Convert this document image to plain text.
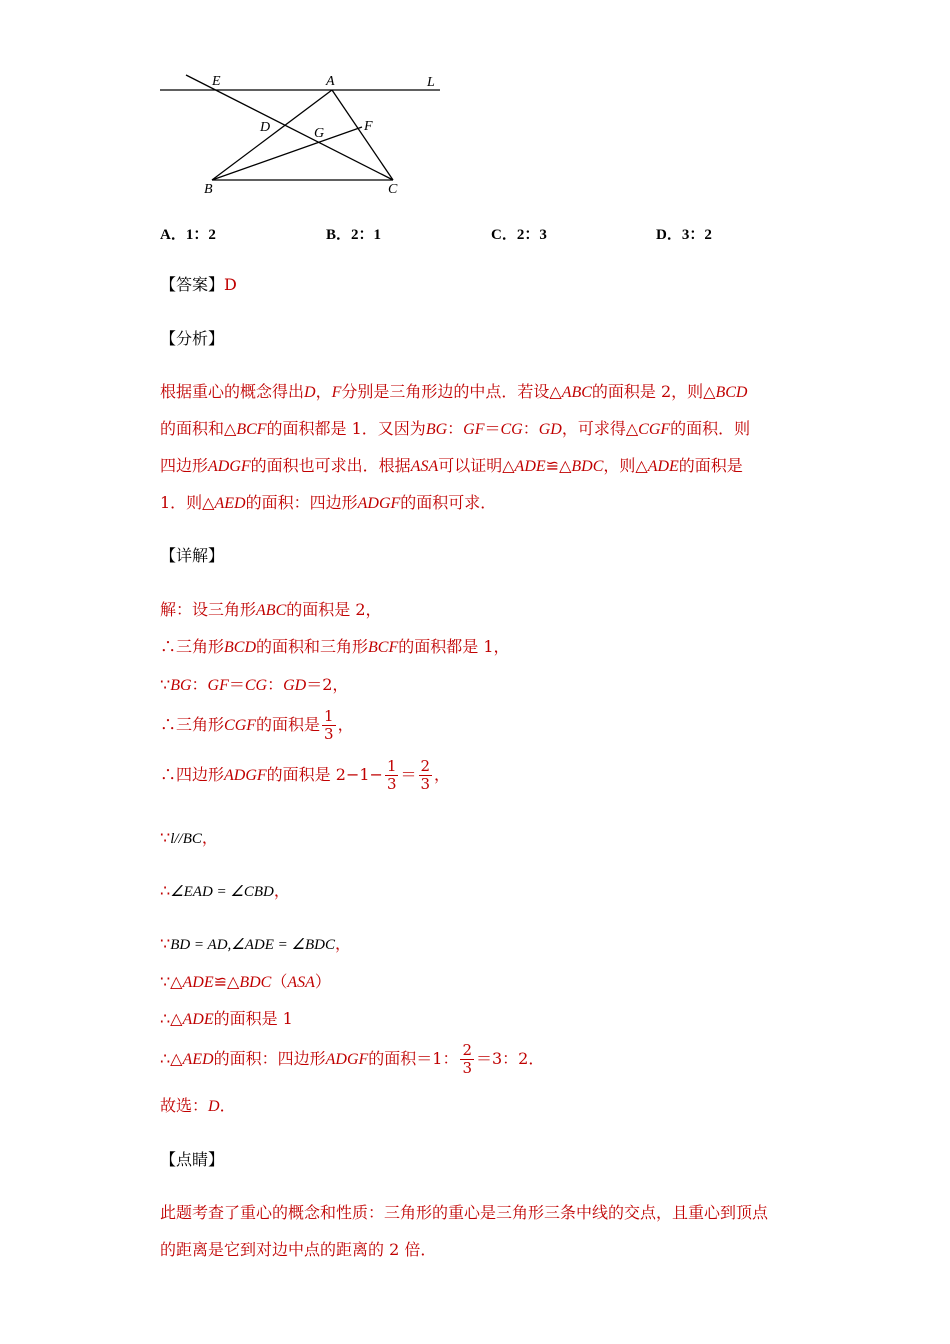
E	A	L
D	G	F
B	C
A．1：2	B．2：1	C．2：3	D．3：2
【答案】D
【分析】
根据重心的概念得出D，F分别是三角形边的中点．若设△ABC的面积是 2，则△BCD
的面积和△BCF的面积都是 1．又因为BG：GF＝CG：GD，可求得△CGF的面积．则
四边形ADGF的面积也可求出．根据ASA可以证明△ADE≌△BDC，则△ADE的面积是
1．则△AED的面积：四边形ADGF的面积可求．
【详解】
解：设三角形ABC的面积是 2，
∴三角形BCD的面积和三角形BCF的面积都是 1，
∵BG：GF＝CG：GD＝2，
∴三角形CGF的面积是 $\frac{1}{3}$ ，
∴四边形ADGF的面积是 $2-1- \frac{1}{3} = \frac{2}{3}$ ，
∵l//BC，
∴∠EAD = ∠CBD，
∵BD = AD,∠ADE = ∠BDC，
∵△ADE≌△BDC（ASA）
∴△ADE的面积是 1
∴△AED的面积：四边形ADGF的面积＝1： $\frac{2}{3} =3$：2．
故选：D．
【点睛】
此题考查了重心的概念和性质：三角形的重心是三角形三条中线的交点，且重心到顶点
的距离是它到对边中点的距离的 2 倍．
